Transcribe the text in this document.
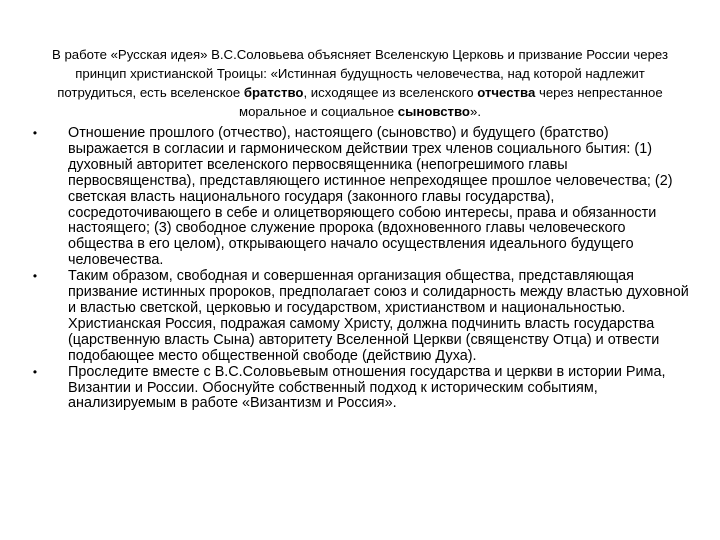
В работе «Русская идея» В.С.Соловьева объясняет Вселенскую Церковь и призвание России через принцип христианской Троицы: «Истинная будущность человечества, над которой надлежит потрудиться, есть вселенское братство, исходящее из вселенского отчества через непрестанное моральное и социальное сыновство».

• Отношение прошлого (отчество), настоящего (сыновство) и будущего (братство) выражается в согласии и гармоническом действии трех членов социального бытия: (1) духовный авторитет вселенского первосвященника (непогрешимого главы первосвященства), представляющего истинное непреходящее прошлое человечества; (2) светская власть национального государя (законного главы государства), сосредоточивающего в себе и олицетворяющего собою интересы, права и обязанности настоящего; (3) свободное служение пророка (вдохновенного главы человеческого общества в его целом), открывающего начало осуществления идеального будущего человечества.
• Таким образом, свободная и совершенная организация общества, представляющая призвание истинных пророков, предполагает союз и солидарность между властью духовной и властью светской, церковью и государством, христианством и национальностью. Христианская Россия, подражая самому Христу, должна подчинить власть государства (царственную власть Сына) авторитету Вселенной Церкви (священству Отца) и отвести подобающее место общественной свободе (действию Духа).
• Проследите вместе с В.С.Соловьевым отношения государства и церкви в истории Рима, Византии и России. Обоснуйте собственный подход к историческим событиям, анализируемым в работе «Византизм и Россия».
